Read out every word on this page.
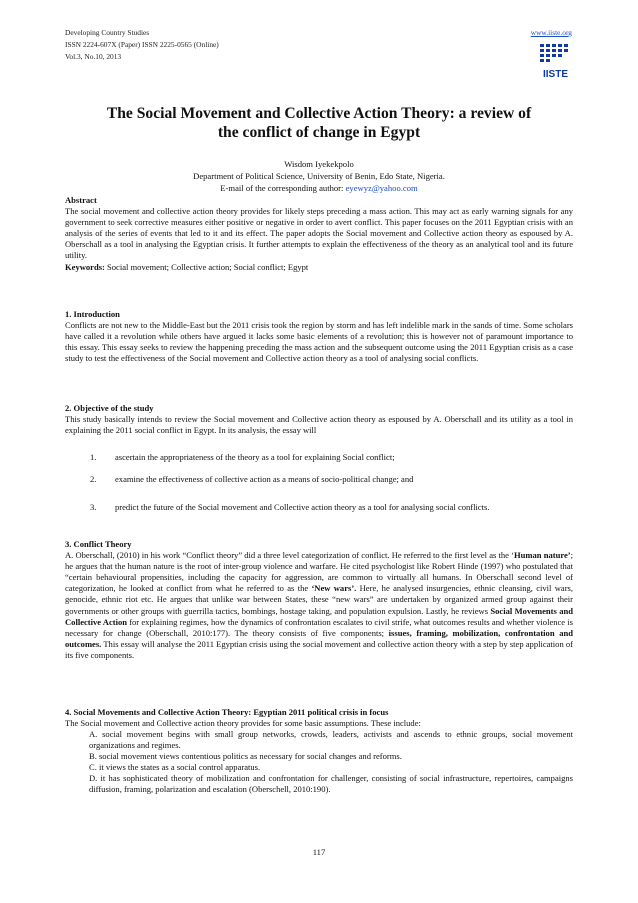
Developing Country Studies
ISSN 2224-607X (Paper) ISSN 2225-0565 (Online)
Vol.3, No.10, 2013
www.iiste.org
IISTE
The Social Movement and Collective Action Theory: a review of
the conflict of change in Egypt
Wisdom Iyekekpolo
Department of Political Science, University of Benin, Edo State, Nigeria.
E-mail of the corresponding author: eyewyz@yahoo.com

Abstract

The social movement and collective action theory provides for likely steps preceding a mass action. This may act as early warning signals for any government to seek corrective measures either positive or negative in order to avert conflict. This paper focuses on the 2011 Egyptian crisis with an analysis of the series of events that led to it and its effect. The paper adopts the Social movement and Collective action theory as espoused by A. Oberschall as a tool in analysing the Egyptian crisis. It further attempts to explain the effectiveness of the theory as an analytical tool and its future utility.

Keywords: Social movement; Collective action; Social conflict; Egypt

1. Introduction

Conflicts are not new to the Middle-East but the 2011 crisis took the region by storm and has left indelible mark in the sands of time. Some scholars have called it a revolution while others have argued it lacks some basic elements of a revolution; this is however not of paramount importance to this essay. This essay seeks to review the happening preceding the mass action and the subsequent outcome using the 2011 Egyptian crisis as a case study to test the effectiveness of the Social movement and Collective action theory as a tool of analysing social conflicts.

2. Objective of the study

This study basically intends to review the Social movement and Collective action theory as espoused by A. Oberschall and its utility as a tool in explaining the 2011 social conflict in Egypt. In its analysis, the essay will

1. ascertain the appropriateness of the theory as a tool for explaining Social conflict;
2. examine the effectiveness of collective action as a means of socio-political change; and
3. predict the future of the Social movement and Collective action theory as a tool for analysing social conflicts.

3. Conflict Theory

A. Oberschall, (2010) in his work “Conflict theory” did a three level categorization of conflict. He referred to the first level as the ‘Human nature’; he argues that the human nature is the root of inter-group violence and warfare. He cited psychologist like Robert Hinde (1997) who postulated that “certain behavioural propensities, including the capacity for aggression, are common to virtually all humans. In Oberschall second level of categorization, he looked at conflict from what he referred to as the ‘New wars’. Here, he analysed insurgencies, ethnic cleansing, civil wars, genocide, ethnic riot etc. He argues that unlike war between States, these “new wars” are undertaken by organized armed group against their governments or other groups with guerrilla tactics, bombings, hostage taking, and population expulsion. Lastly, he reviews Social Movements and Collective Action for explaining regimes, how the dynamics of confrontation escalates to civil strife, what outcomes results and whether violence is necessary for change (Oberschall, 2010:177). The theory consists of five components; issues, framing, mobilization, confrontation and outcomes. This essay will analyse the 2011 Egyptian crisis using the social movement and collective action theory with a step by step application of its five components.

4. Social Movements and Collective Action Theory: Egyptian 2011 political crisis in focus

The Social movement and Collective action theory provides for some basic assumptions. These include:

A. social movement begins with small group networks, crowds, leaders, activists and ascends to ethnic groups, social movement organizations and regimes.

B. social movement views contentious politics as necessary for social changes and reforms.

C. it views the states as a social control apparatus.

D. it has sophisticated theory of mobilization and confrontation for challenger, consisting of social infrastructure, repertoires, campaigns diffusion, framing, polarization and escalation (Oberschell, 2010:190).

117
